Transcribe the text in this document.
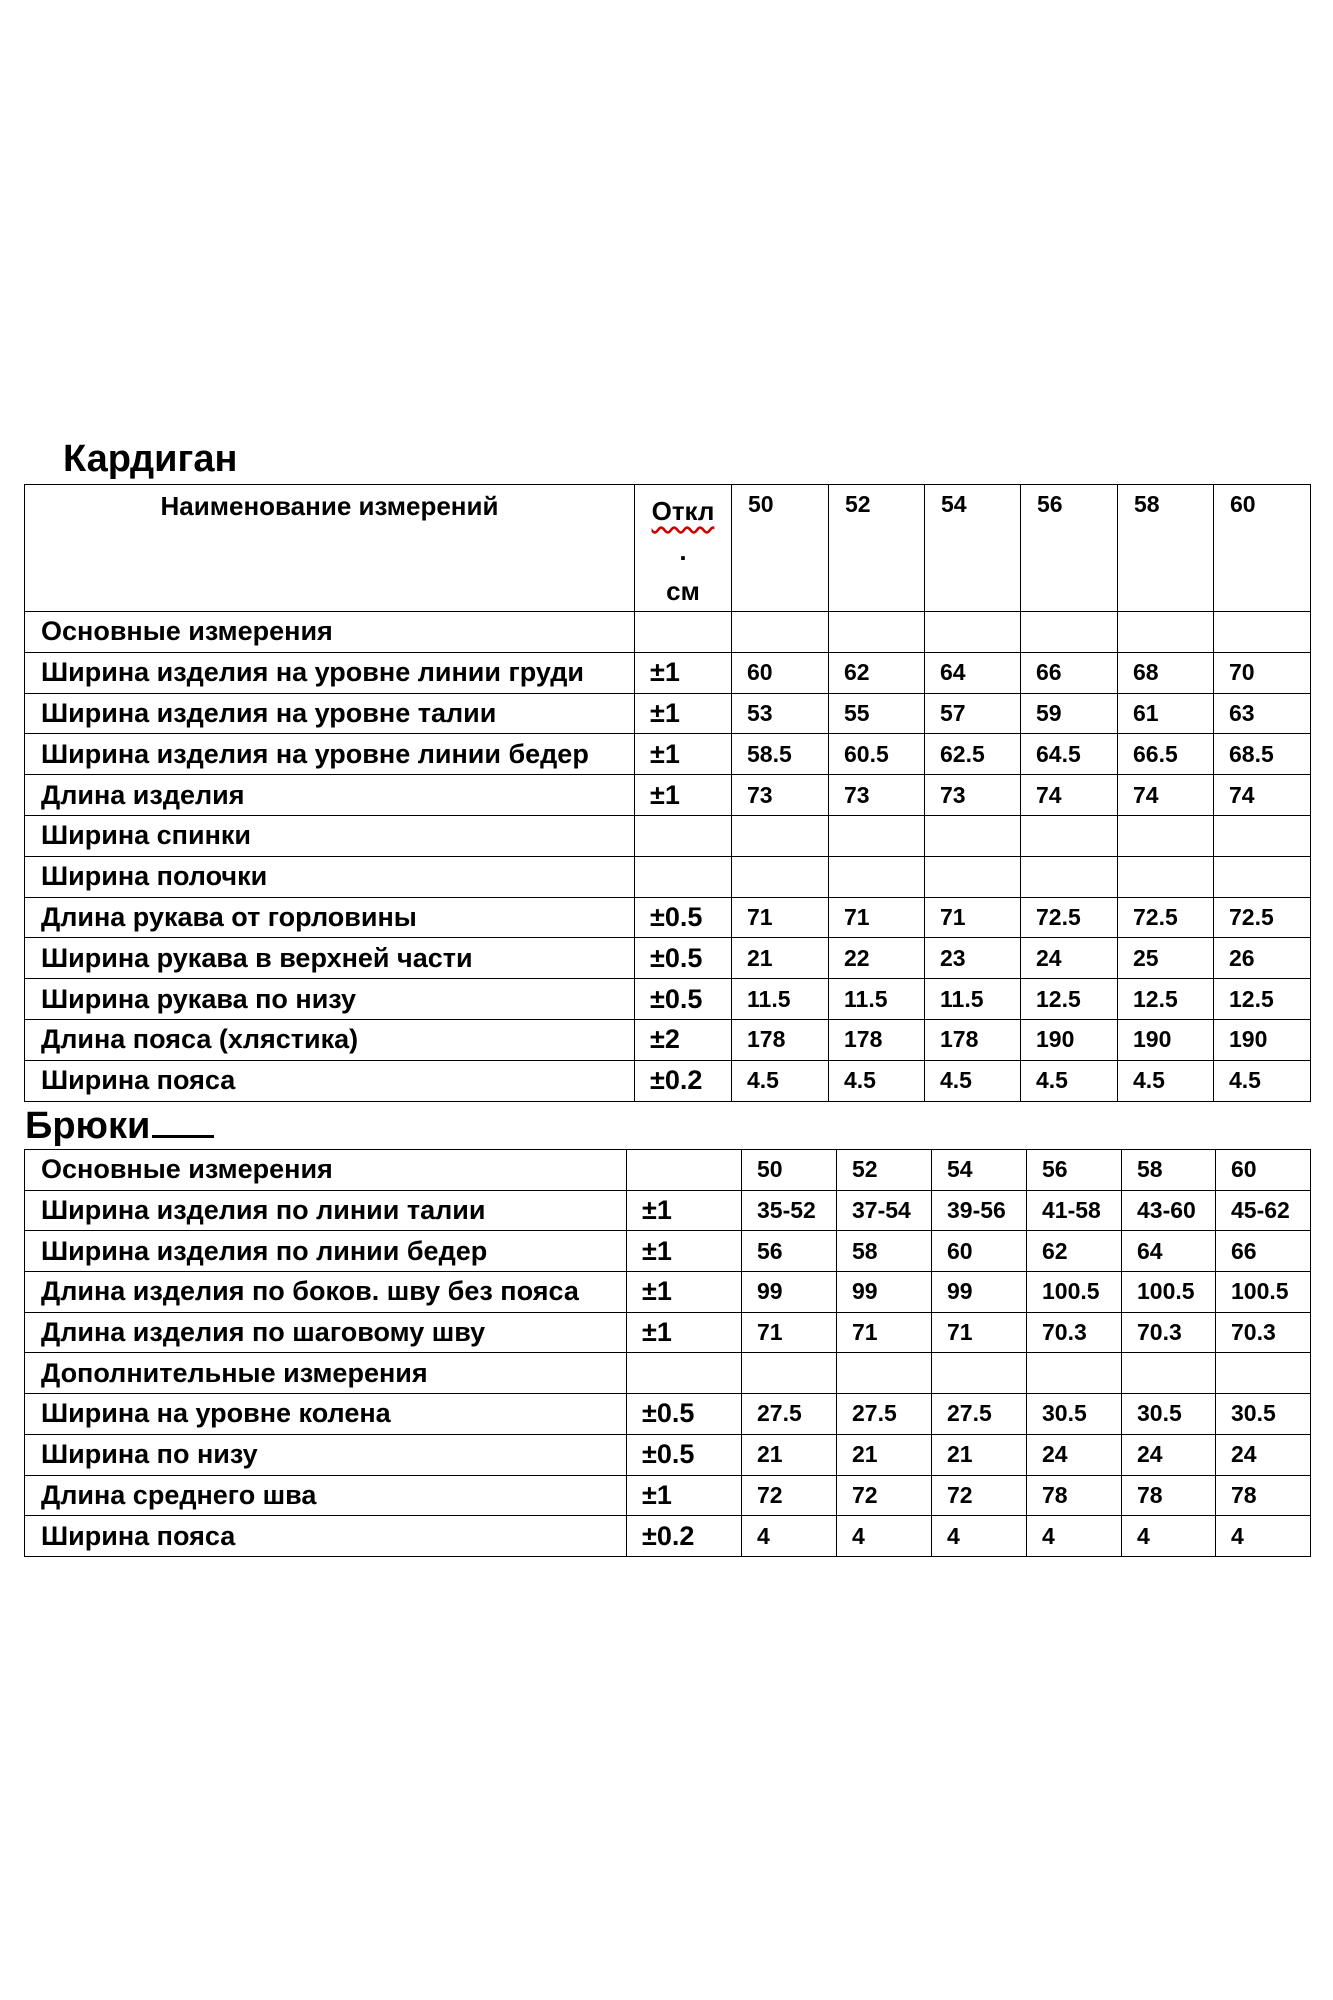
Кардиган
Наименование измерений	Откл
.
см	50	52	54	56	58	60
Основные измерения							
Ширина изделия на уровне линии груди	±1	60	62	64	66	68	70
Ширина изделия на уровне талии	±1	53	55	57	59	61	63
Ширина изделия на уровне линии бедер	±1	58.5	60.5	62.5	64.5	66.5	68.5
Длина изделия	±1	73	73	73	74	74	74
Ширина спинки							
Ширина полочки							
Длина рукава от горловины	±0.5	71	71	71	72.5	72.5	72.5
Ширина рукава в верхней части	±0.5	21	22	23	24	25	26
Ширина рукава по низу	±0.5	11.5	11.5	11.5	12.5	12.5	12.5
Длина пояса (хлястика)	±2	178	178	178	190	190	190
Ширина пояса	±0.2	4.5	4.5	4.5	4.5	4.5	4.5
Брюки
Основные измерения		50	52	54	56	58	60
Ширина изделия по линии талии	±1	35-52	37-54	39-56	41-58	43-60	45-62
Ширина изделия по линии бедер	±1	56	58	60	62	64	66
Длина изделия по боков. шву без пояса	±1	99	99	99	100.5	100.5	100.5
Длина изделия по шаговому шву	±1	71	71	71	70.3	70.3	70.3
Дополнительные измерения							
Ширина на уровне колена	±0.5	27.5	27.5	27.5	30.5	30.5	30.5
Ширина по низу	±0.5	21	21	21	24	24	24
Длина среднего шва	±1	72	72	72	78	78	78
Ширина пояса	±0.2	4	4	4	4	4	4
